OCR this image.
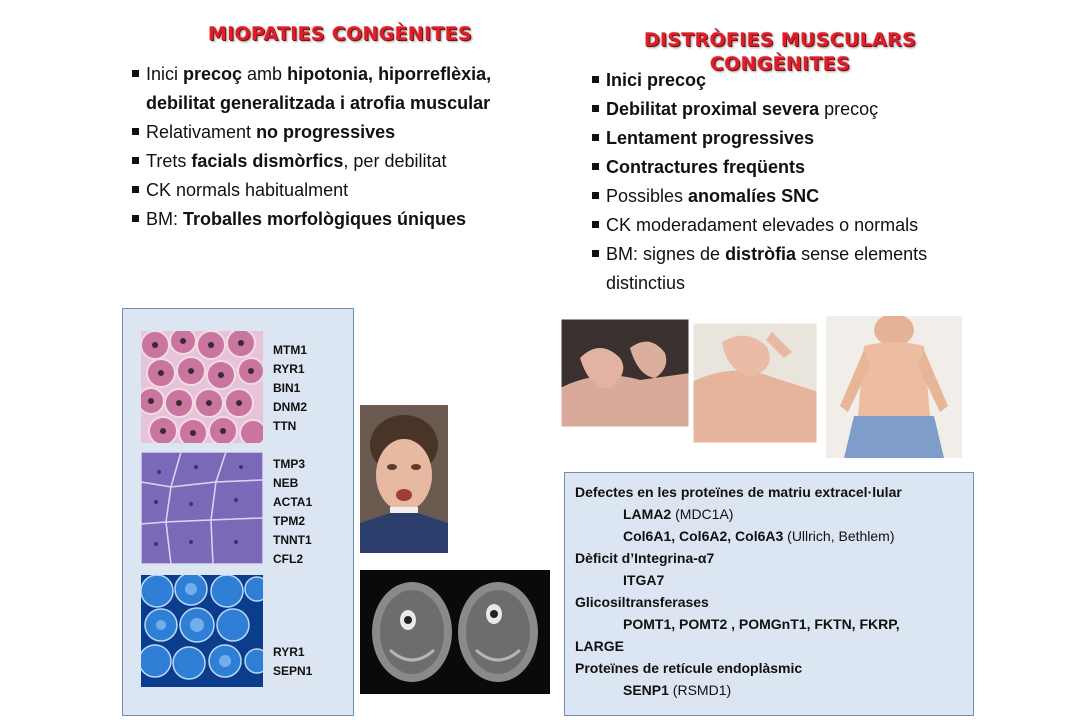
MIOPATIES CONGÈNITES	DISTRÒFIES MUSCULARS
CONGÈNITES
Inici precoç amb hipotonia, hiporreflèxia, debilitat generalitzada i atrofia muscular
Relativament no progressives
Trets facials dismòrfics, per debilitat
CK normals habitualment
BM: Troballes morfològiques úniques
Inici precoç
Debilitat proximal severa precoç
Lentament progressives
Contractures freqüents
Possibles anomalíes SNC
CK moderadament elevades o normals
BM: signes de distròfia sense elements distinctius
MTM1
RYR1
BIN1
DNM2
TTN
TMP3
NEB
ACTA1
TPM2
TNNT1
CFL2
RYR1
SEPN1
Defectes en les proteïnes de matriu extracel·lular
LAMA2 (MDC1A)
Col6A1, Col6A2, Col6A3 (Ullrich, Bethlem)
Dèficit d’Integrina-α7
ITGA7
Glicosiltransferases
POMT1, POMT2 , POMGnT1, FKTN, FKRP,
LARGE
Proteïnes de retícule endoplàsmic
SENP1 (RSMD1)
